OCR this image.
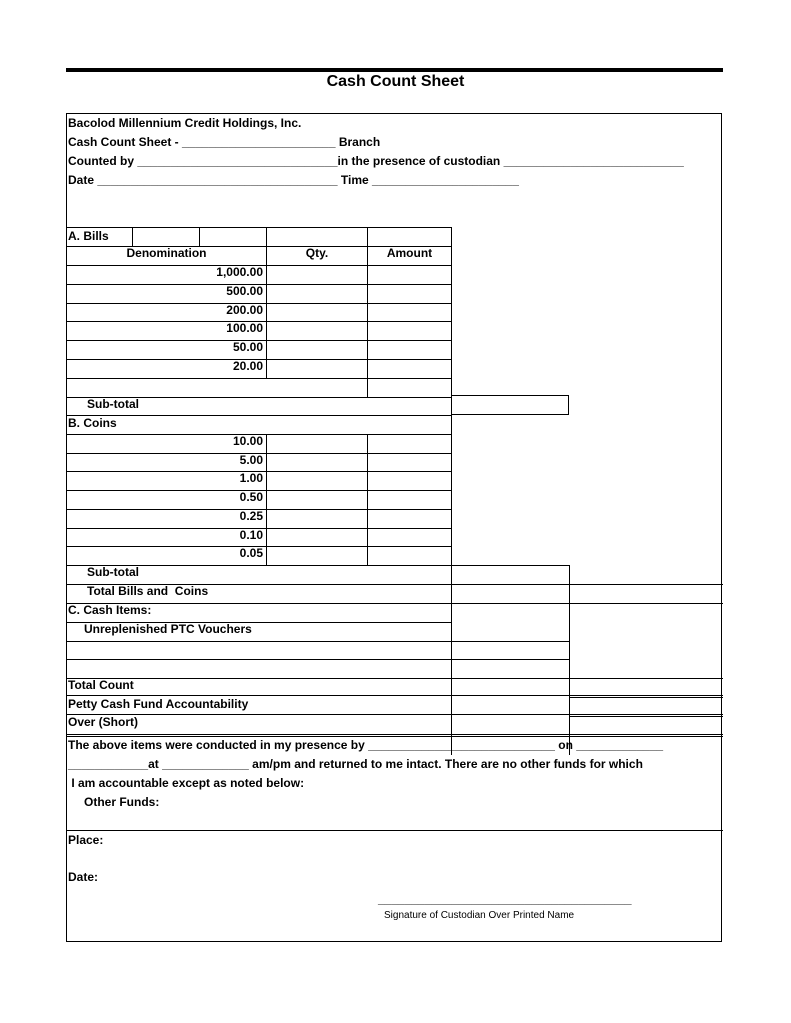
Cash Count Sheet
Bacolod Millennium Credit Holdings, Inc.
Cash Count Sheet - _______________________ Branch
Counted by ______________________________in the presence of custodian ___________________________
Date ____________________________________ Time ______________________
A. Bills
Denomination	Qty.	Amount
1,000.00
500.00
200.00
100.00
50.00
20.00
Sub-total
B. Coins
10.00
5.00
1.00
0.50
0.25
0.10
0.05
Sub-total
Total Bills and  Coins
C. Cash Items:
Unreplenished PTC Vouchers
Total Count
Petty Cash Fund Accountability
Over (Short)
The above items were conducted in my presence by ____________________________ on _____________
____________at _____________ am/pm and returned to me intact. There are no other funds for which
I am accountable except as noted below:
Other Funds:
Place:
Date:
______________________________________
Signature of Custodian Over Printed Name
